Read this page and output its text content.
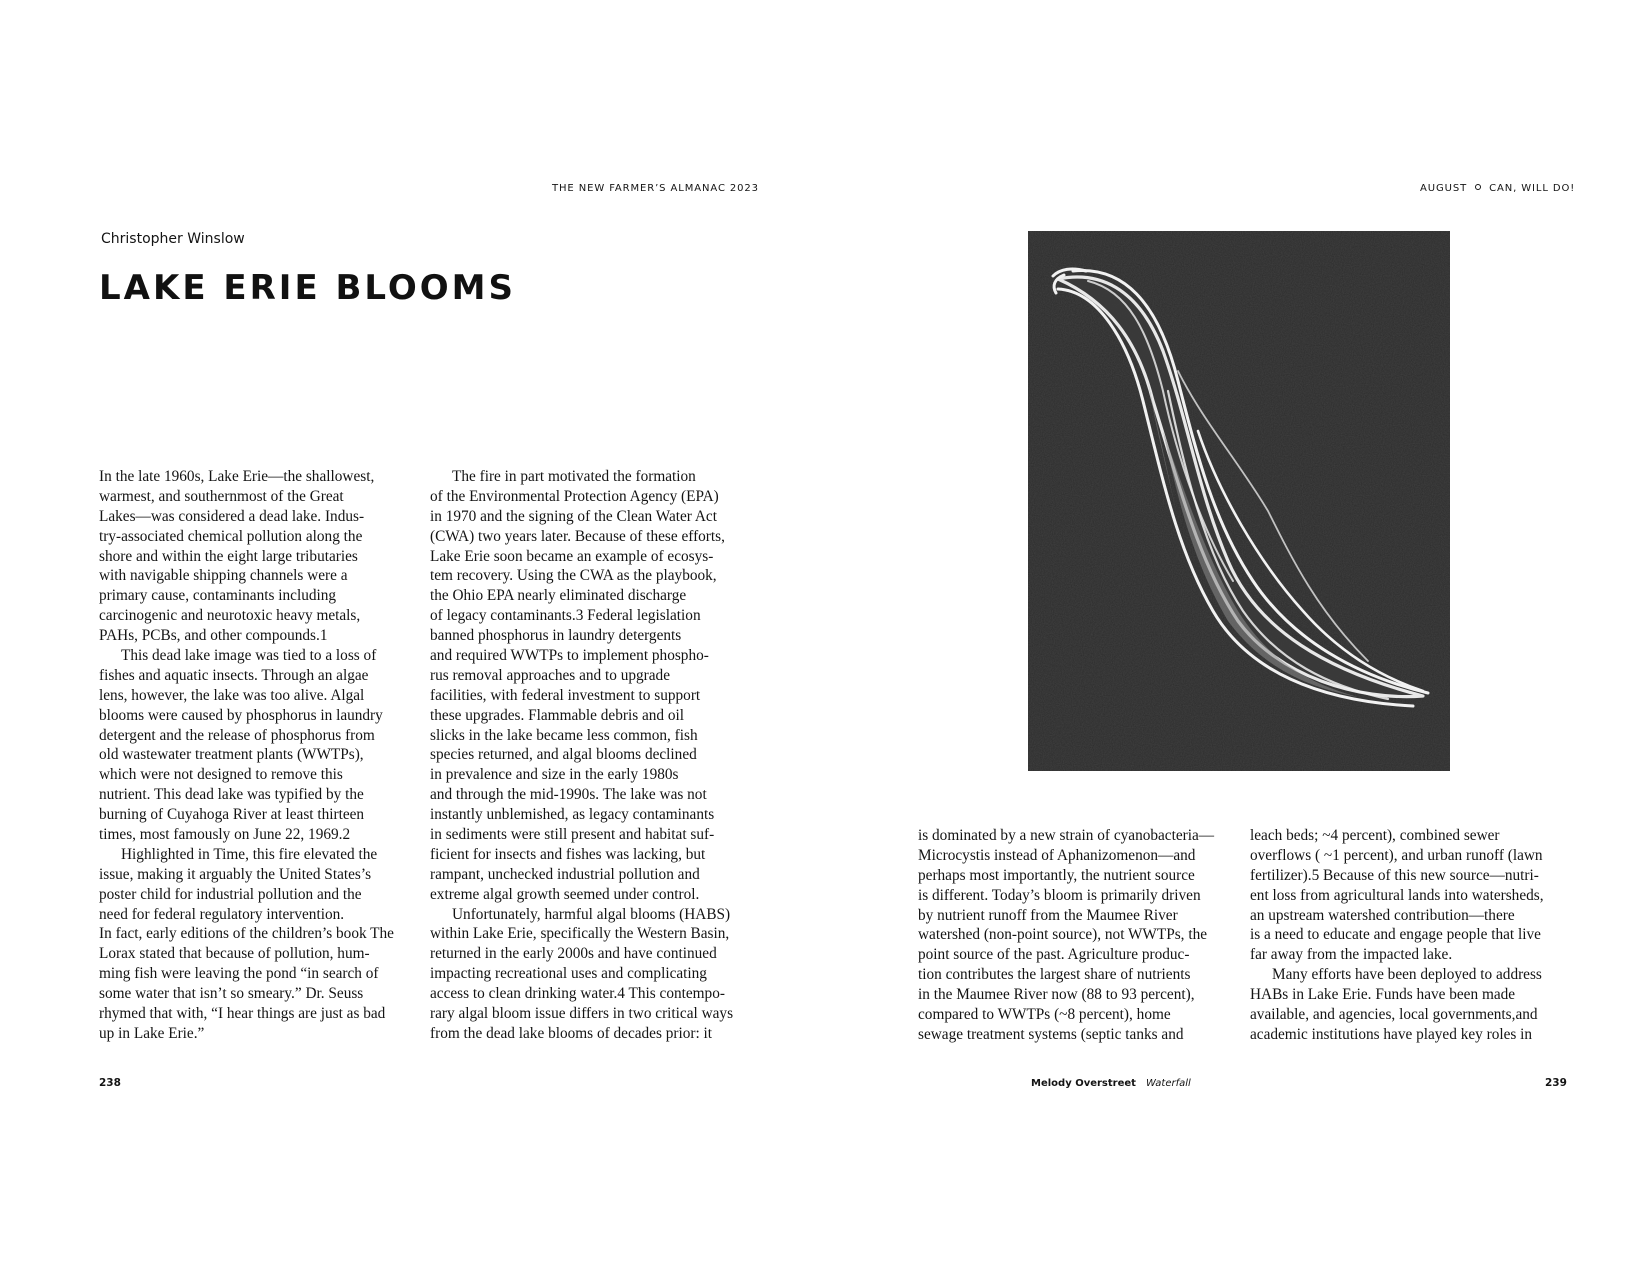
THE NEW FARMER’S ALMANAC 2023
Christopher Winslow
LAKE ERIE BLOOMS
In the late 1960s, Lake Erie—the shallowest,
warmest, and southernmost of the Great
Lakes—was considered a dead lake. Indus-
try-associated chemical pollution along the
shore and within the eight large tributaries
with navigable shipping channels were a
primary cause, contaminants including
carcinogenic and neurotoxic heavy metals,
PAHs, PCBs, and other compounds.1
This dead lake image was tied to a loss of
fishes and aquatic insects. Through an algae
lens, however, the lake was too alive. Algal
blooms were caused by phosphorus in laundry
detergent and the release of phosphorus from
old wastewater treatment plants (WWTPs),
which were not designed to remove this
nutrient. This dead lake was typified by the
burning of Cuyahoga River at least thirteen
times, most famously on June 22, 1969.2
Highlighted in Time, this fire elevated the
issue, making it arguably the United States’s
poster child for industrial pollution and the
need for federal regulatory intervention.
In fact, early editions of the children’s book The
Lorax stated that because of pollution, hum-
ming fish were leaving the pond “in search of
some water that isn’t so smeary.” Dr. Seuss
rhymed that with, “I hear things are just as bad
up in Lake Erie.”
The fire in part motivated the formation
of the Environmental Protection Agency (EPA)
in 1970 and the signing of the Clean Water Act
(CWA) two years later. Because of these efforts,
Lake Erie soon became an example of ecosys-
tem recovery. Using the CWA as the playbook,
the Ohio EPA nearly eliminated discharge
of legacy contaminants.3 Federal legislation
banned phosphorus in laundry detergents
and required WWTPs to implement phospho-
rus removal approaches and to upgrade
facilities, with federal investment to support
these upgrades. Flammable debris and oil
slicks in the lake became less common, fish
species returned, and algal blooms declined
in prevalence and size in the early 1980s
and through the mid-1990s. The lake was not
instantly unblemished, as legacy contaminants
in sediments were still present and habitat suf-
ficient for insects and fishes was lacking, but
rampant, unchecked industrial pollution and
extreme algal growth seemed under control.
Unfortunately, harmful algal blooms (HABS)
within Lake Erie, specifically the Western Basin,
returned in the early 2000s and have continued
impacting recreational uses and complicating
access to clean drinking water.4 This contempo-
rary algal bloom issue differs in two critical ways
from the dead lake blooms of decades prior: it
238
AUGUST CAN, WILL DO!
is dominated by a new strain of cyanobacteria—
Microcystis instead of Aphanizomenon—and
perhaps most importantly, the nutrient source
is different. Today’s bloom is primarily driven
by nutrient runoff from the Maumee River
watershed (non-point source), not WWTPs, the
point source of the past. Agriculture produc-
tion contributes the largest share of nutrients
in the Maumee River now (88 to 93 percent),
compared to WWTPs (~8 percent), home
sewage treatment systems (septic tanks and
leach beds; ~4 percent), combined sewer
overflows ( ~1 percent), and urban runoff (lawn
fertilizer).5 Because of this new source—nutri-
ent loss from agricultural lands into watersheds,
an upstream watershed contribution—there
is a need to educate and engage people that live
far away from the impacted lake.
Many efforts have been deployed to address
HABs in Lake Erie. Funds have been made
available, and agencies, local governments,and
academic institutions have played key roles in
Melody Overstreet Waterfall	239
